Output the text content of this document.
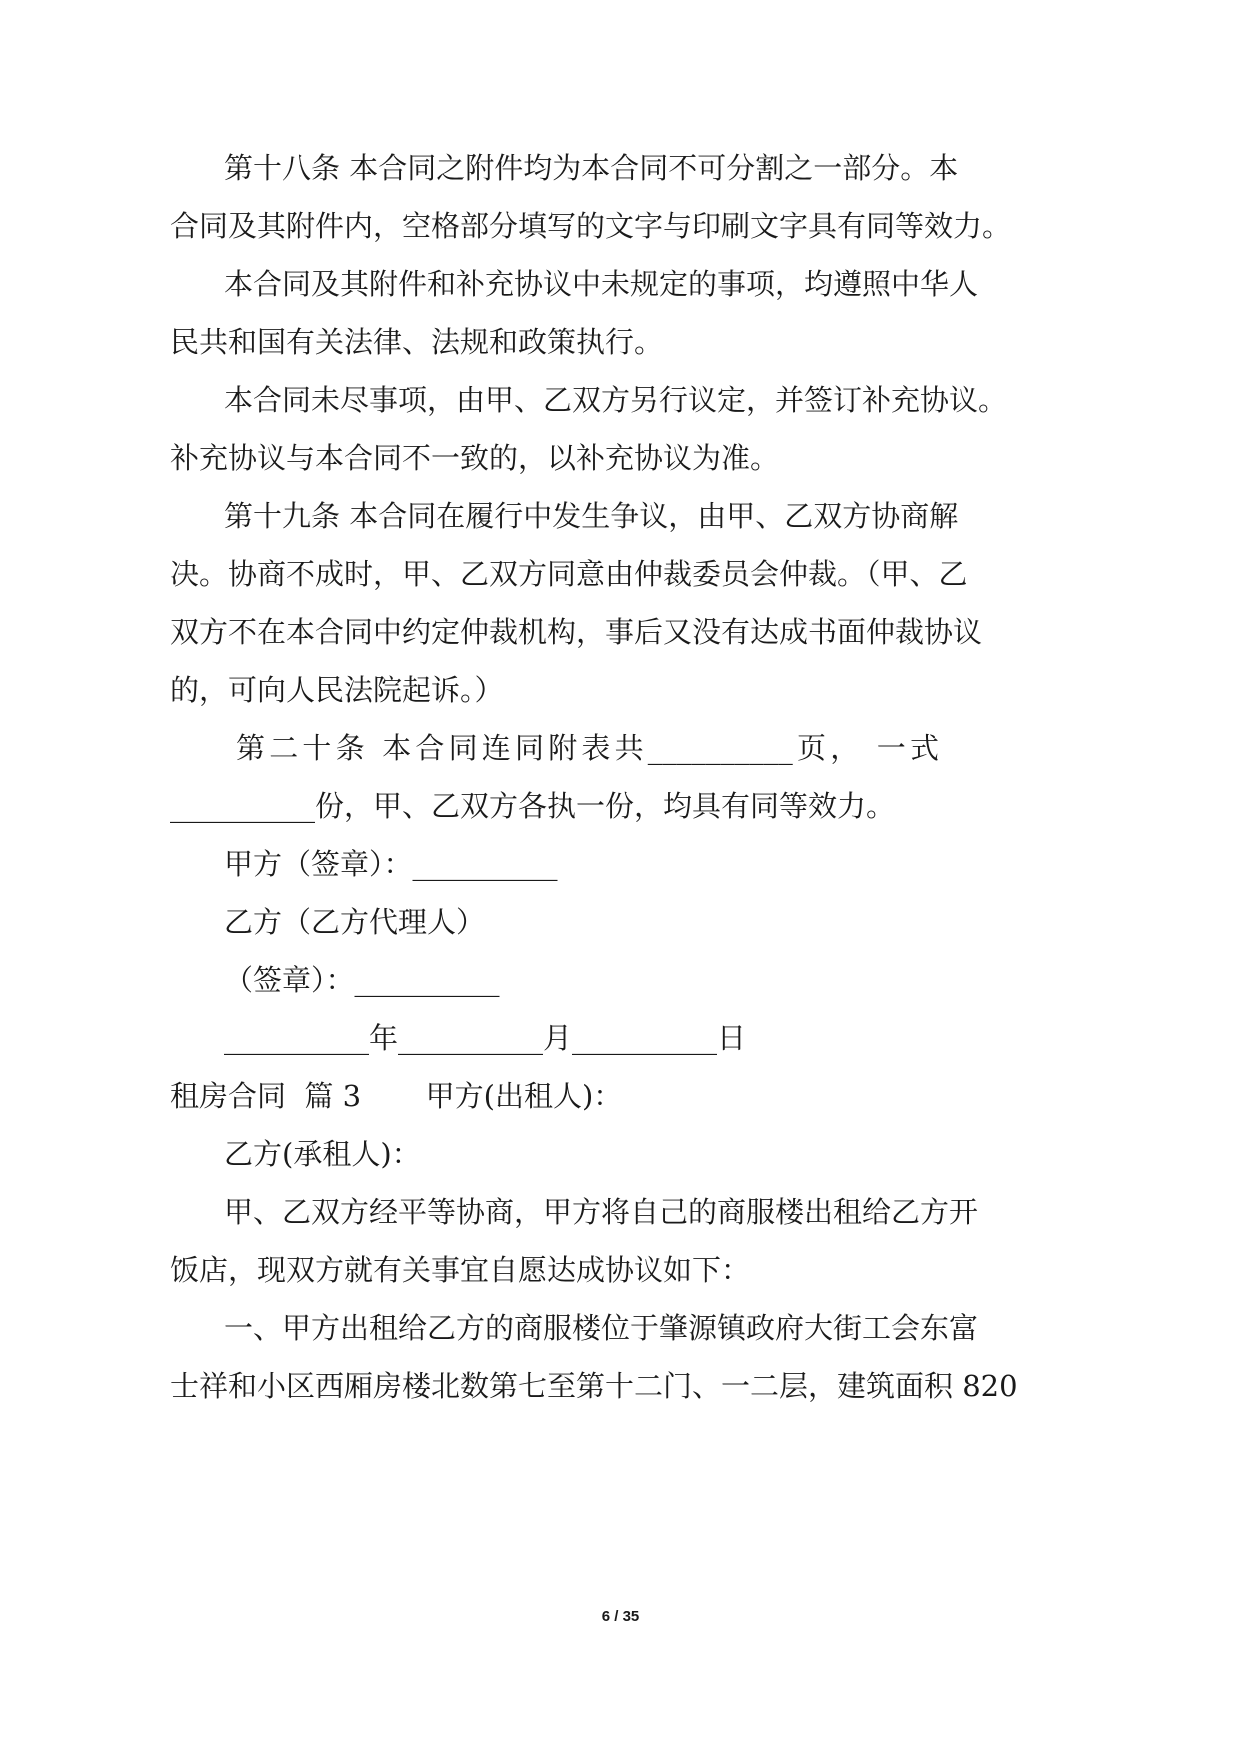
第十八条 本合同之附件均为本合同不可分割之一部分。本

合同及其附件内，空格部分填写的文字与印刷文字具有同等效力。

本合同及其附件和补充协议中未规定的事项，均遵照中华人

民共和国有关法律、法规和政策执行。

本合同未尽事项，由甲、乙双方另行议定，并签订补充协议。

补充协议与本合同不一致的，以补充协议为准。

第十九条 本合同在履行中发生争议，由甲、乙双方协商解

决。协商不成时，甲、乙双方同意由仲裁委员会仲裁。（甲、乙

双方不在本合同中约定仲裁机构，事后又没有达成书面仲裁协议

的，可向人民法院起诉。）

第二十条 本合同连同附表共__________页， 一式

__________份，甲、乙双方各执一份，均具有同等效力。

甲方（签章）：__________

乙方（乙方代理人）

（签章）：__________

__________年__________月__________日

租房合同  篇 3       甲方(出租人)：

乙方(承租人)：

甲、乙双方经平等协商，甲方将自己的商服楼出租给乙方开

饭店，现双方就有关事宜自愿达成协议如下：

一、甲方出租给乙方的商服楼位于肇源镇政府大街工会东富

士祥和小区西厢房楼北数第七至第十二门、一二层，建筑面积 820

6 / 35
